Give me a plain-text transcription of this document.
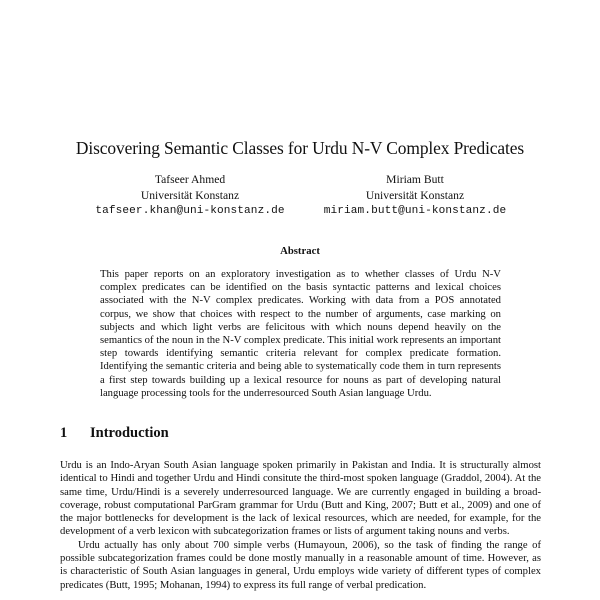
Discovering Semantic Classes for Urdu N-V Complex Predicates
Tafseer Ahmed
Universität Konstanz
tafseer.khan@uni-konstanz.de
Miriam Butt
Universität Konstanz
miriam.butt@uni-konstanz.de
Abstract
This paper reports on an exploratory investigation as to whether classes of Urdu N-V complex predicates can be identified on the basis syntactic patterns and lexical choices associated with the N-V complex predicates. Working with data from a POS annotated corpus, we show that choices with respect to the number of arguments, case marking on subjects and which light verbs are felicitous with which nouns depend heavily on the semantics of the noun in the N-V complex predicate. This initial work represents an important step towards identifying semantic criteria relevant for complex predicate formation. Identifying the semantic criteria and being able to systematically code them in turn represents a first step towards building up a lexical resource for nouns as part of developing natural language processing tools for the underresourced South Asian language Urdu.
1 Introduction

Urdu is an Indo-Aryan South Asian language spoken primarily in Pakistan and India. It is structurally almost identical to Hindi and together Urdu and Hindi consitute the third-most spoken language (Graddol, 2004). At the same time, Urdu/Hindi is a severely underresourced language. We are currently engaged in building a broad-coverage, robust computational ParGram grammar for Urdu (Butt and King, 2007; Butt et al., 2009) and one of the major bottlenecks for development is the lack of lexical resources, which are needed, for example, for the development of a verb lexicon with subcategorization frames or lists of argument taking nouns and verbs.

Urdu actually has only about 700 simple verbs (Humayoun, 2006), so the task of finding the range of possible subcategorization frames could be done mostly manually in a reasonable amount of time. However, as is characteristic of South Asian languages in general, Urdu employs wide variety of different types of complex predicates (Butt, 1995; Mohanan, 1994) to express its full range of verbal predication.
